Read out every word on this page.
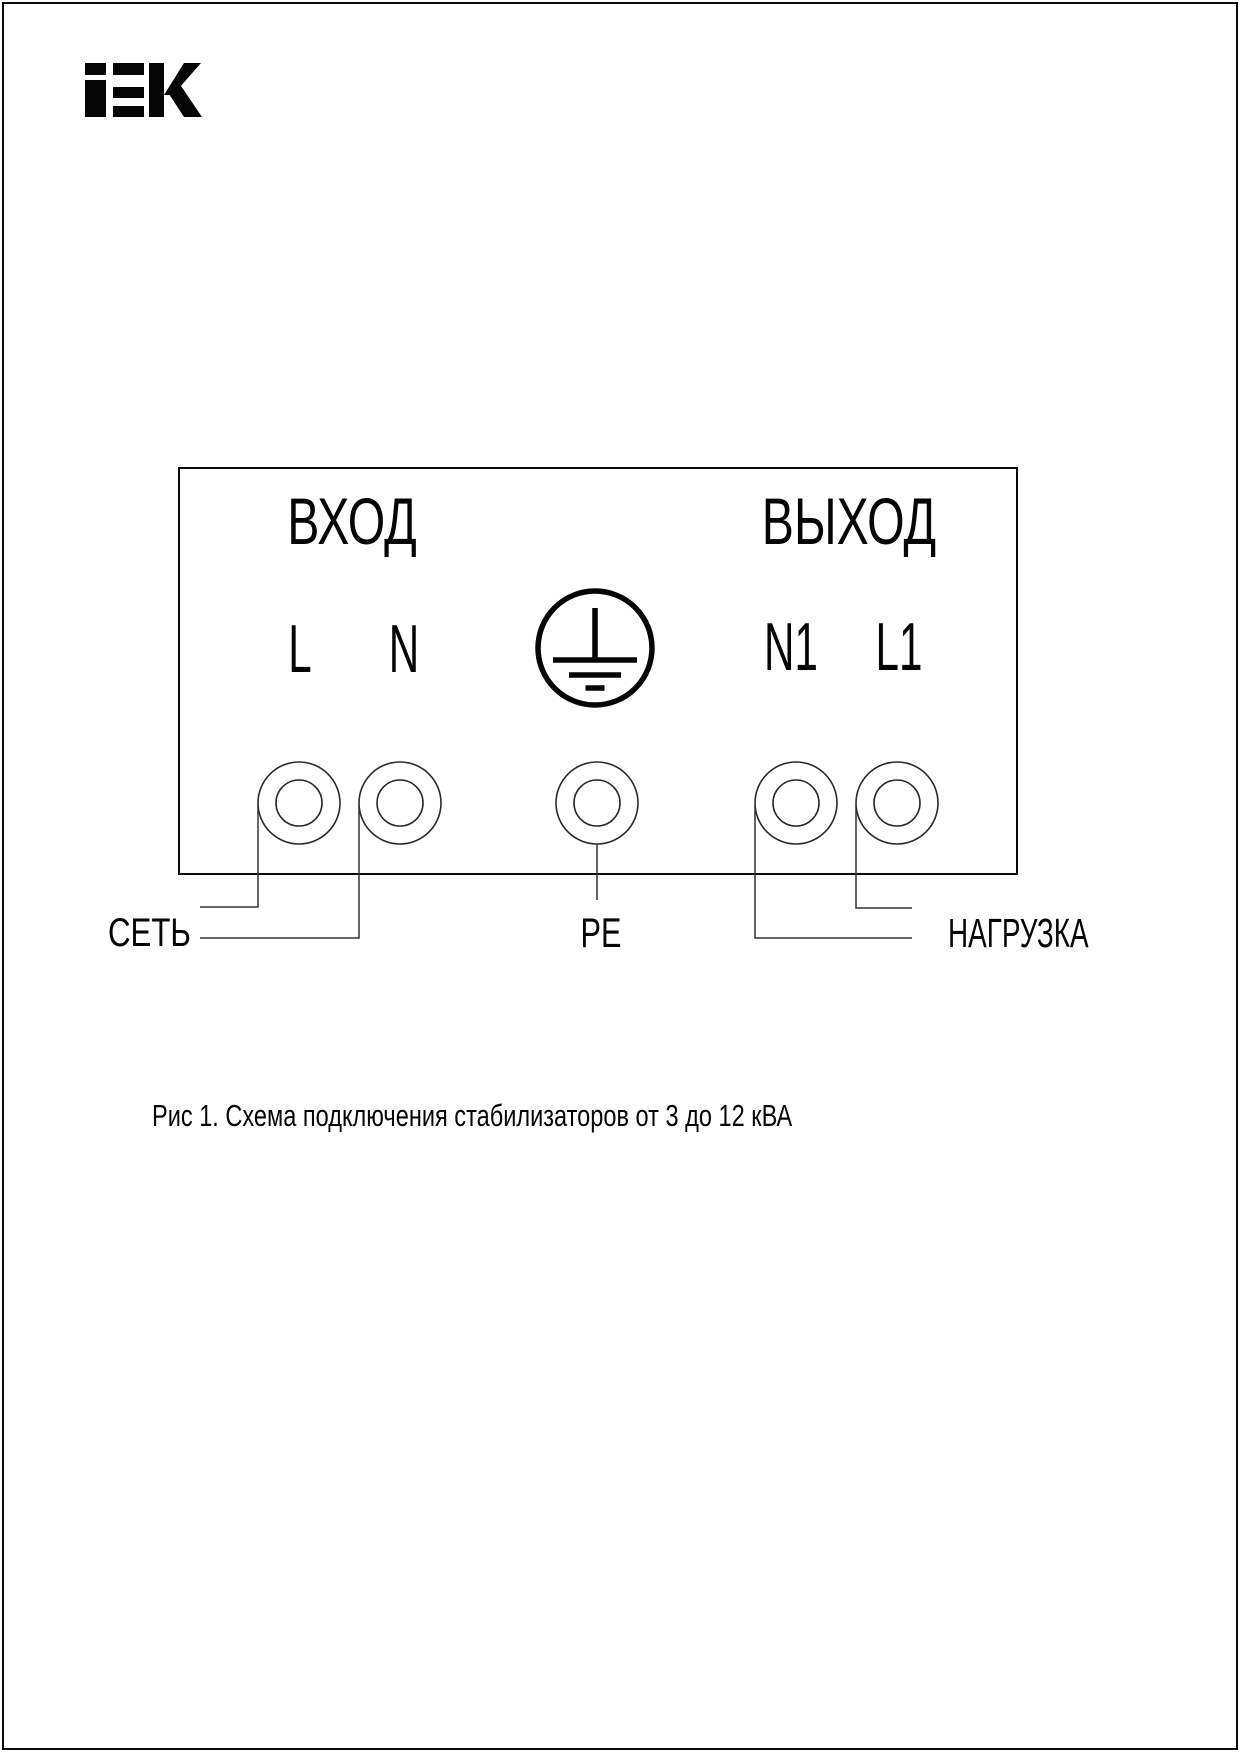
ВХОД	ВЫХОД
L	N	N1 L1
СЕТЬ	PE	НАГРУЗКА
Рис 1. Схема подключения стабилизаторов от 3 до 12 кВА
